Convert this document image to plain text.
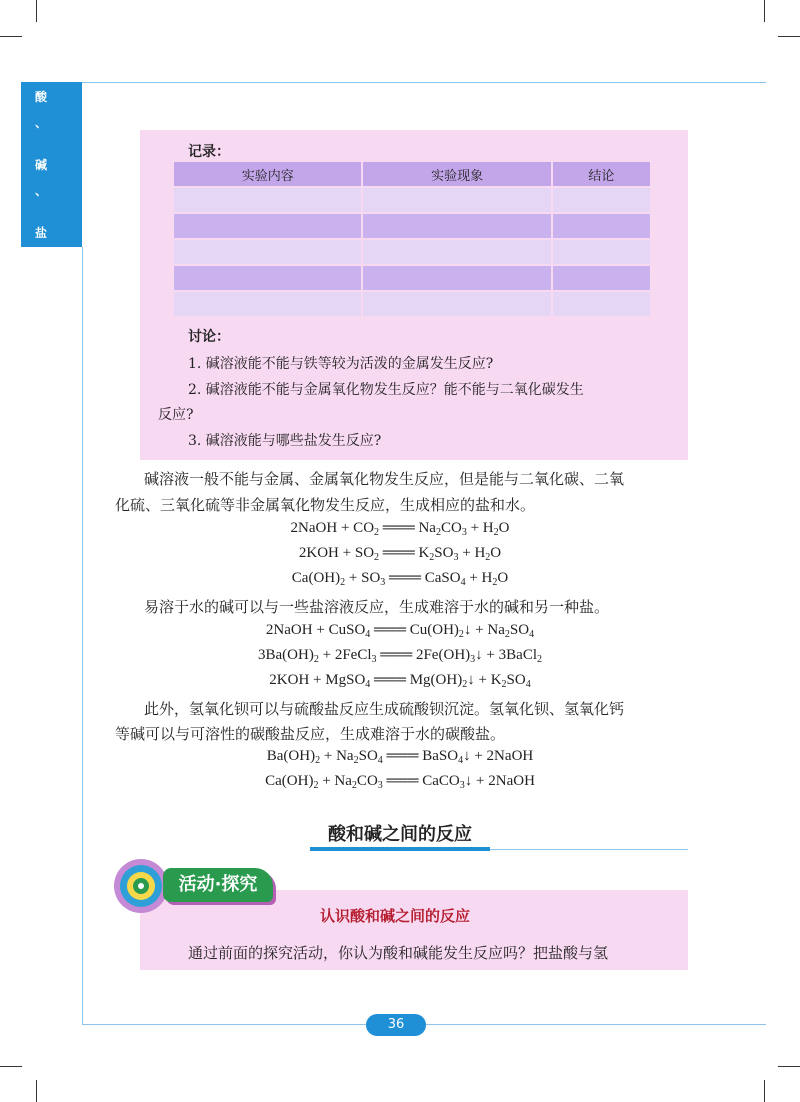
酸
、
碱
、
盐
记录：
实验内容	实验现象	结论

讨论：
1. 碱溶液能不能与铁等较为活泼的金属发生反应?
2. 碱溶液能不能与金属氧化物发生反应？能不能与二氧化碳发生
反应?
3. 碱溶液能与哪些盐发生反应?
碱溶液一般不能与金属、金属氧化物发生反应，但是能与二氧化碳、二氧
化硫、三氧化硫等非金属氧化物发生反应，生成相应的盐和水。
2NaOH + $CO_2$ ═══ $Na_2CO_3 + H_2O$
$2KOH + SO_2$ ═══ $K_2SO_3 + H_2O$
$Ca(OH)_2 + SO_3$ ═══ CaSO$_4$ + $H_2O$
易溶于水的碱可以与一些盐溶液反应，生成难溶于水的碱和另一种盐。
2NaOH + CuSO$_4$ ═══ $Cu(OH)_2↓ + Na_2SO_4$
$3Ba(OH)_2$ + 2FeCl$_3$ ═══ $2Fe(OH)_3↓$ + 3BaCl$_2$
2KOH + MgSO$_4$ ═══ $Mg(OH)_2↓ + K_2SO_4$
此外，氢氧化钡可以与硫酸盐反应生成硫酸钡沉淀。氢氧化钡、氢氧化钙
等碱可以与可溶性的碳酸盐反应，生成难溶于水的碳酸盐。
$Ba(OH)_2 + Na_2SO_4$ ═══ BaSO$_4$↓ + 2NaOH
$Ca(OH)_2 + Na_2CO_3$ ═══ CaCO$_3$↓ + 2NaOH
酸和碱之间的反应
活动·探究
认识酸和碱之间的反应
通过前面的探究活动，你认为酸和碱能发生反应吗？把盐酸与氢
36
